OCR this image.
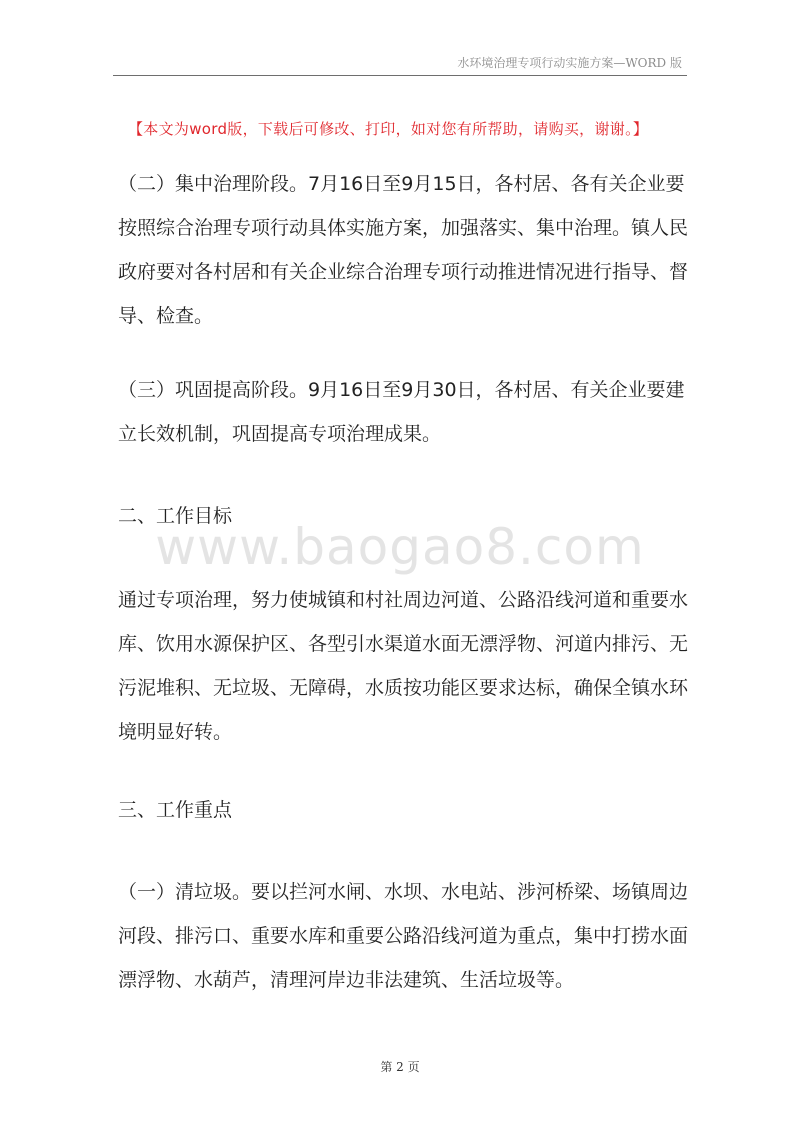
水环境治理专项行动实施方案—WORD 版
【本文为word版，下载后可修改、打印，如对您有所帮助，请购买，谢谢。】
（二）集中治理阶段。7月16日至9月15日，各村居、各有关企业要按照综合治理专项行动具体实施方案，加强落实、集中治理。镇人民政府要对各村居和有关企业综合治理专项行动推进情况进行指导、督导、检查。
（三）巩固提高阶段。9月16日至9月30日，各村居、有关企业要建立长效机制，巩固提高专项治理成果。
二、工作目标
www.baogao8.com
通过专项治理，努力使城镇和村社周边河道、公路沿线河道和重要水库、饮用水源保护区、各型引水渠道水面无漂浮物、河道内排污、无污泥堆积、无垃圾、无障碍，水质按功能区要求达标，确保全镇水环境明显好转。
三、工作重点
（一）清垃圾。要以拦河水闸、水坝、水电站、涉河桥梁、场镇周边河段、排污口、重要水库和重要公路沿线河道为重点，集中打捞水面漂浮物、水葫芦，清理河岸边非法建筑、生活垃圾等。
第 2 页
